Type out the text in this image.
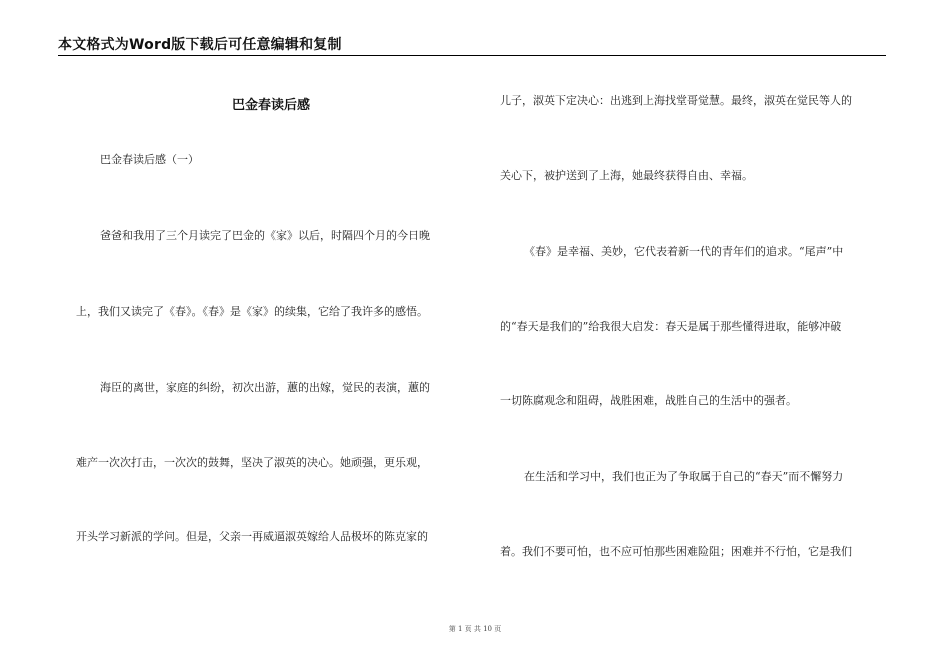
本文格式为Word版下载后可任意编辑和复制
巴金春读后感
巴金春读后感（一）
爸爸和我用了三个月读完了巴金的《家》以后，时隔四个月的今日晚
上，我们又读完了《春》。《春》是《家》的续集，它给了我许多的感悟。
海臣的离世，家庭的纠纷，初次出游，蕙的出嫁，觉民的表演，蕙的
难产一次次打击，一次次的鼓舞，坚决了淑英的决心。她顽强，更乐观，
开头学习新派的学问。但是，父亲一再威逼淑英嫁给人品极坏的陈克家的
儿子，淑英下定决心：出逃到上海找堂哥觉慧。最终，淑英在觉民等人的
关心下，被护送到了上海，她最终获得自由、幸福。
《春》是幸福、美妙，它代表着新一代的青年们的追求。“尾声”中
的“春天是我们的”给我很大启发：春天是属于那些懂得进取，能够冲破
一切陈腐观念和阻碍，战胜困难，战胜自己的生活中的强者。
在生活和学习中，我们也正为了争取属于自己的“春天”而不懈努力
着。我们不要可怕，也不应可怕那些困难险阻；困难并不行怕，它是我们
第 1 页 共 10 页
